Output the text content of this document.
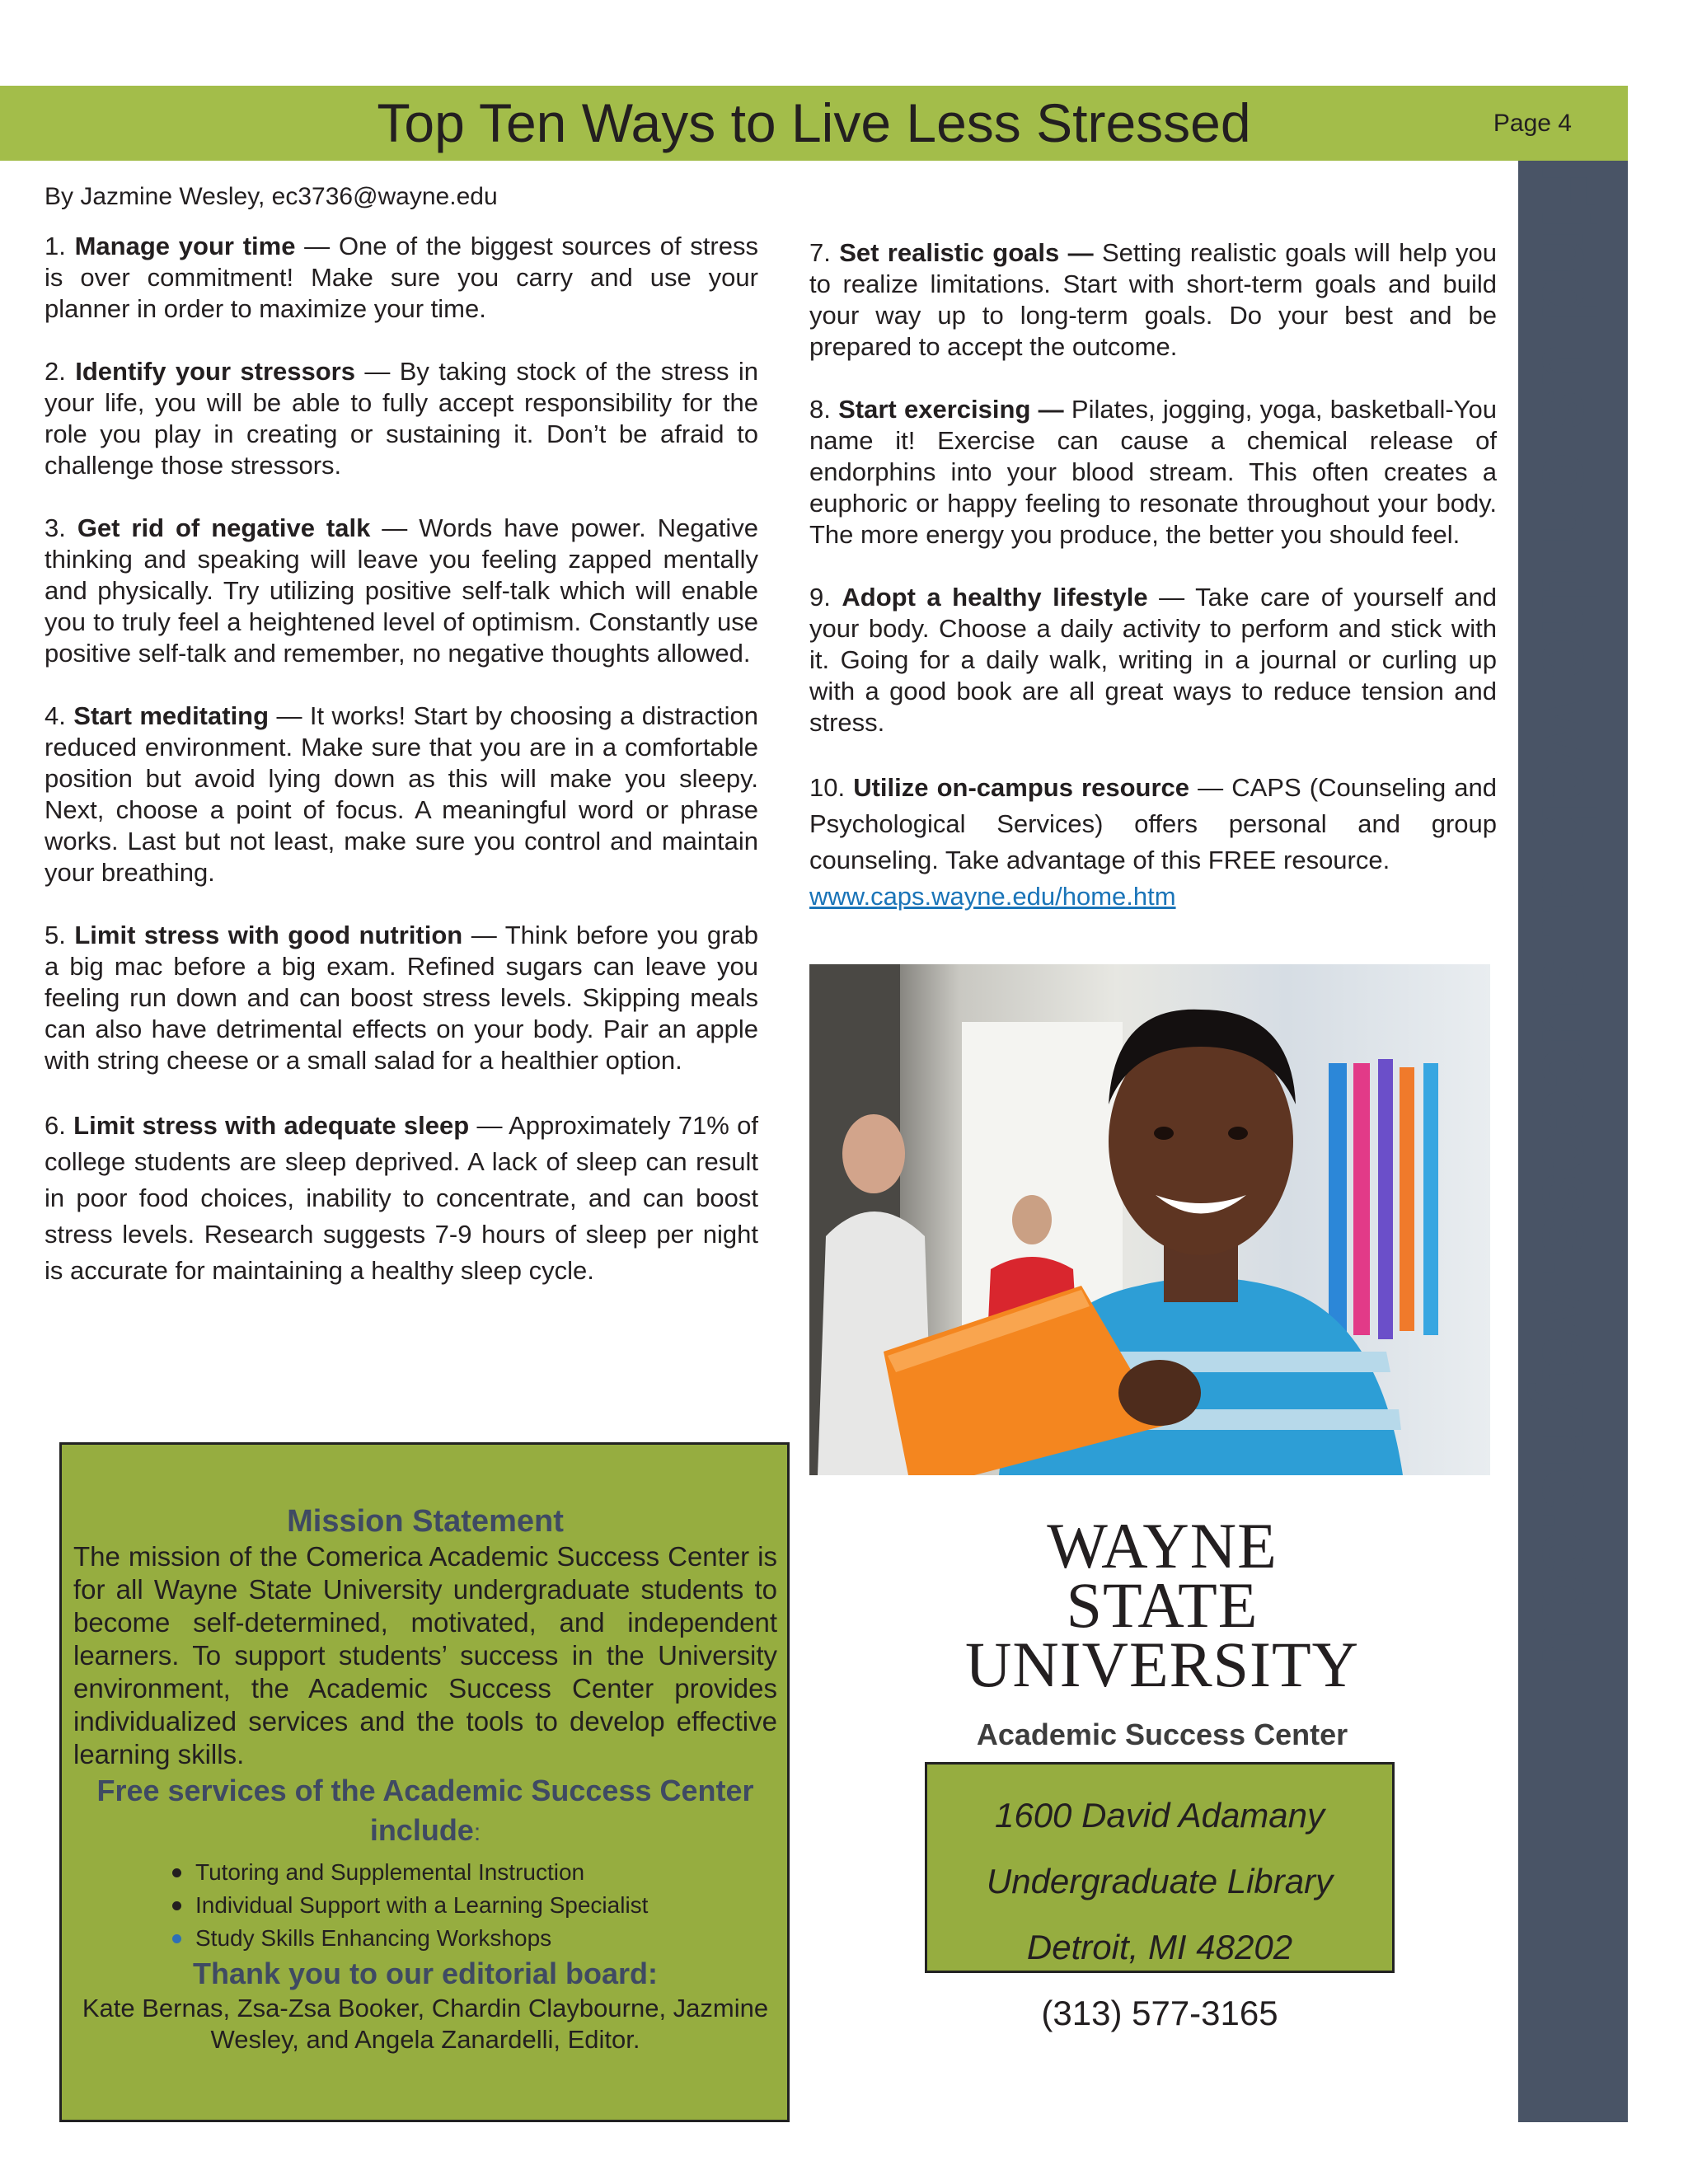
Top Ten Ways to Live Less Stressed	Page 4
Find us on the web at success.wayne.edu
By Jazmine Wesley, ec3736@wayne.edu

1. Manage your time — One of the biggest sources of stress is over commitment! Make sure you carry and use your planner in order to maximize your time.

2. Identify your stressors — By taking stock of the stress in your life, you will be able to fully accept responsibility for the role you play in creating or sustaining it. Don’t be afraid to challenge those stressors.

3. Get rid of negative talk — Words have power. Negative thinking and speaking will leave you feeling zapped mentally and physically. Try utilizing positive self-talk which will enable you to truly feel a heightened level of optimism. Constantly use positive self-talk and remember, no negative thoughts allowed.

4. Start meditating — It works! Start by choosing a distraction reduced environment. Make sure that you are in a comfortable position but avoid lying down as this will make you sleepy. Next, choose a point of focus. A meaningful word or phrase works. Last but not least, make sure you control and maintain your breathing.

5. Limit stress with good nutrition — Think before you grab a big mac before a big exam. Refined sugars can leave you feeling run down and can boost stress levels. Skipping meals can also have detrimental effects on your body. Pair an apple with string cheese or a small salad for a healthier option.

6. Limit stress with adequate sleep — Approximately 71% of college students are sleep deprived. A lack of sleep can result in poor food choices, inability to concentrate, and can boost stress levels. Research suggests 7-9 hours of sleep per night is accurate for maintaining a healthy sleep cycle.

7. Set realistic goals — Setting realistic goals will help you to realize limitations. Start with short-term goals and build your way up to long-term goals. Do your best and be prepared to accept the outcome.

8. Start exercising — Pilates, jogging, yoga, basketball-You name it! Exercise can cause a chemical release of endorphins into your blood stream. This often creates a euphoric or happy feeling to resonate throughout your body. The more energy you produce, the better you should feel.

9. Adopt a healthy lifestyle — Take care of yourself and your body. Choose a daily activity to perform and stick with it. Going for a daily walk, writing in a journal or curling up with a good book are all great ways to reduce tension and stress.

10. Utilize on-campus resource — CAPS (Counseling and Psychological Services) offers personal and group counseling. Take advantage of this FREE resource.
www.caps.wayne.edu/home.htm

WAYNE STATE
UNIVERSITY
Academic Success Center
1600 David Adamany
Undergraduate Library
Detroit, MI 48202
(313) 577-3165
Mission Statement
The mission of the Comerica Academic Success Center is for all Wayne State University undergraduate students to become self-determined, motivated, and independent learners. To support students’ success in the University environment, the Academic Success Center provides individualized services and the tools to develop effective learning skills.
Free services of the Academic Success Center include:
Tutoring and Supplemental Instruction
Individual Support with a Learning Specialist
Study Skills Enhancing Workshops
Thank you to our editorial board:
Kate Bernas, Zsa-Zsa Booker, Chardin Claybourne, Jazmine Wesley, and Angela Zanardelli, Editor.
